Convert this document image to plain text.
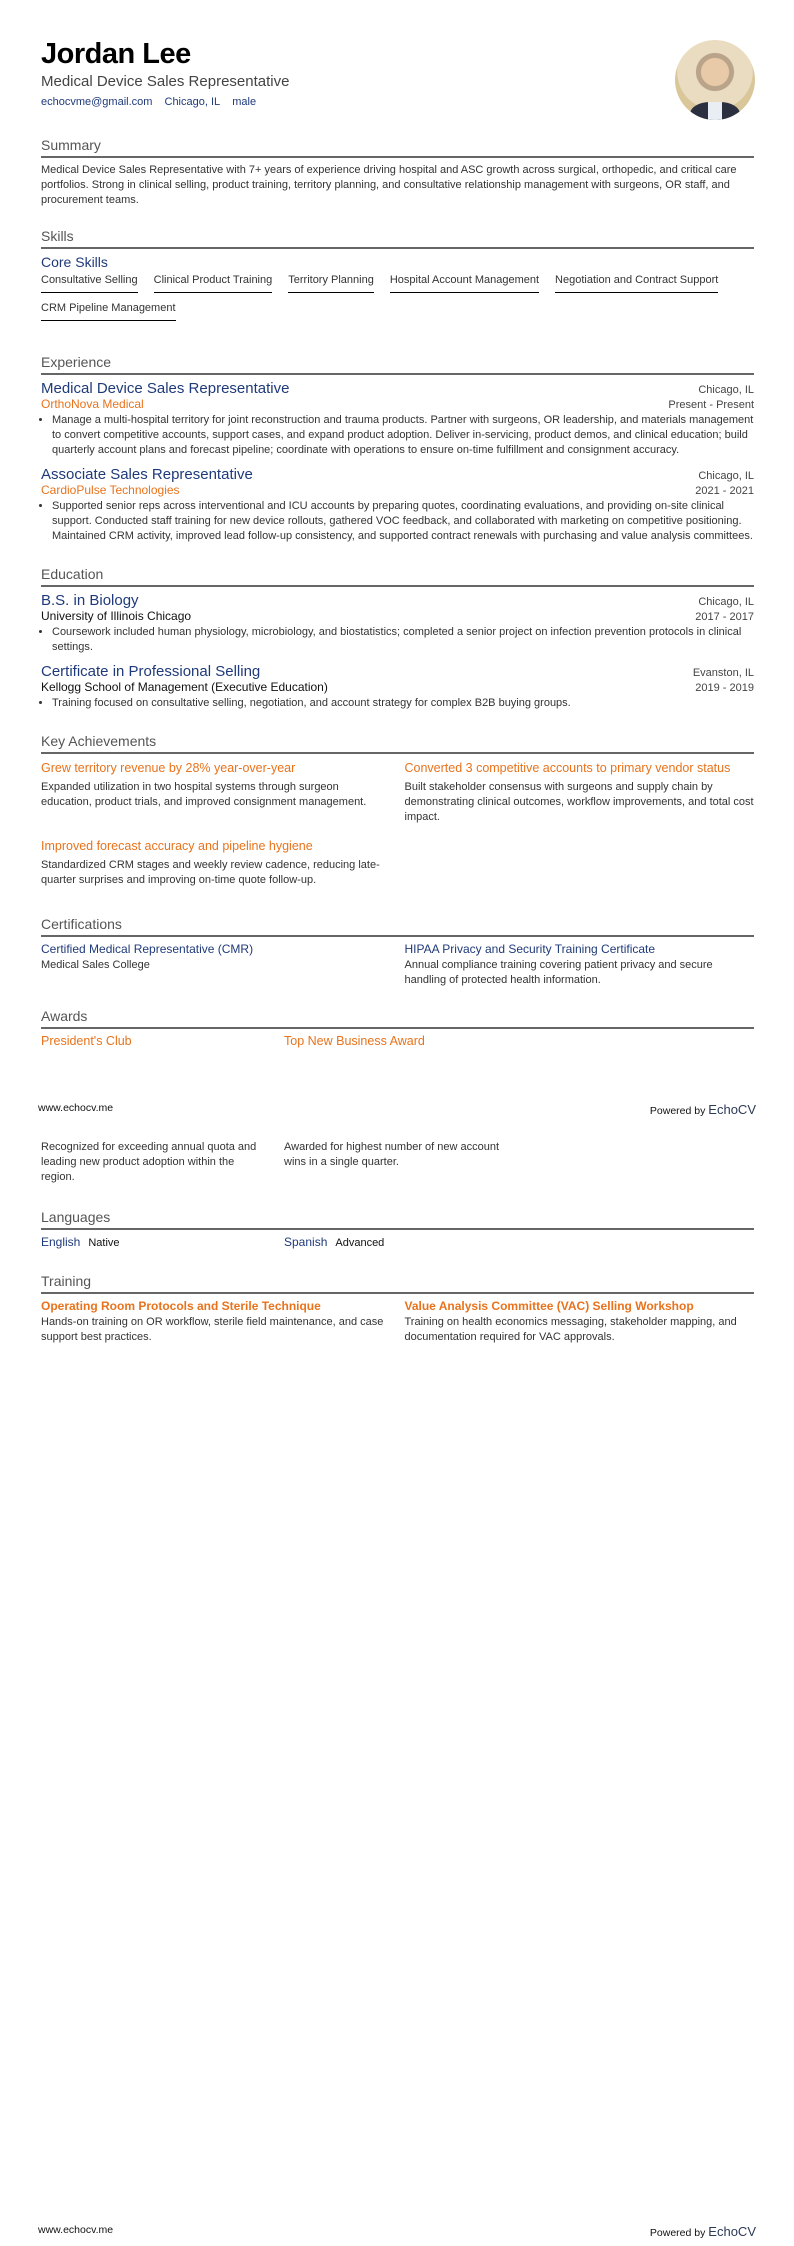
Jordan Lee
Medical Device Sales Representative
echocvme@gmail.com Chicago, IL male
Summary
Medical Device Sales Representative with 7+ years of experience driving hospital and ASC growth across surgical, orthopedic, and critical care portfolios. Strong in clinical selling, product training, territory planning, and consultative relationship management with surgeons, OR staff, and procurement teams.
Skills
Core Skills
Consultative Selling Clinical Product Training Territory Planning Hospital Account Management Negotiation and Contract Support
CRM Pipeline Management
Experience
Medical Device Sales Representative	Chicago, IL
OrthoNova Medical	Present - Present
• Manage a multi-hospital territory for joint reconstruction and trauma products. Partner with surgeons, OR leadership, and materials management to convert competitive accounts, support cases, and expand product adoption. Deliver in-servicing, product demos, and clinical education; build quarterly account plans and forecast pipeline; coordinate with operations to ensure on-time fulfillment and consignment accuracy.
Associate Sales Representative	Chicago, IL
CardioPulse Technologies	2021 - 2021
• Supported senior reps across interventional and ICU accounts by preparing quotes, coordinating evaluations, and providing on-site clinical support. Conducted staff training for new device rollouts, gathered VOC feedback, and collaborated with marketing on competitive positioning. Maintained CRM activity, improved lead follow-up consistency, and supported contract renewals with purchasing and value analysis committees.
Education
B.S. in Biology	Chicago, IL
University of Illinois Chicago	2017 - 2017
• Coursework included human physiology, microbiology, and biostatistics; completed a senior project on infection prevention protocols in clinical settings.
Certificate in Professional Selling	Evanston, IL
Kellogg School of Management (Executive Education)	2019 - 2019
• Training focused on consultative selling, negotiation, and account strategy for complex B2B buying groups.
Key Achievements
Grew territory revenue by 28% year-over-year
Expanded utilization in two hospital systems through surgeon education, product trials, and improved consignment management.
Converted 3 competitive accounts to primary vendor status
Built stakeholder consensus with surgeons and supply chain by demonstrating clinical outcomes, workflow improvements, and total cost impact.
Improved forecast accuracy and pipeline hygiene
Standardized CRM stages and weekly review cadence, reducing late-quarter surprises and improving on-time quote follow-up.
Certifications
Certified Medical Representative (CMR)
Medical Sales College
HIPAA Privacy and Security Training Certificate
Annual compliance training covering patient privacy and secure handling of protected health information.
Awards
President's Club	Top New Business Award
Recognized for exceeding annual quota and leading new product adoption within the region.
Awarded for highest number of new account wins in a single quarter.
Languages
English Native	Spanish Advanced
Training
Operating Room Protocols and Sterile Technique
Hands-on training on OR workflow, sterile field maintenance, and case support best practices.
Value Analysis Committee (VAC) Selling Workshop
Training on health economics messaging, stakeholder mapping, and documentation required for VAC approvals.
www.echocv.me	Powered by EchoCV
www.echocv.me	Powered by EchoCV
